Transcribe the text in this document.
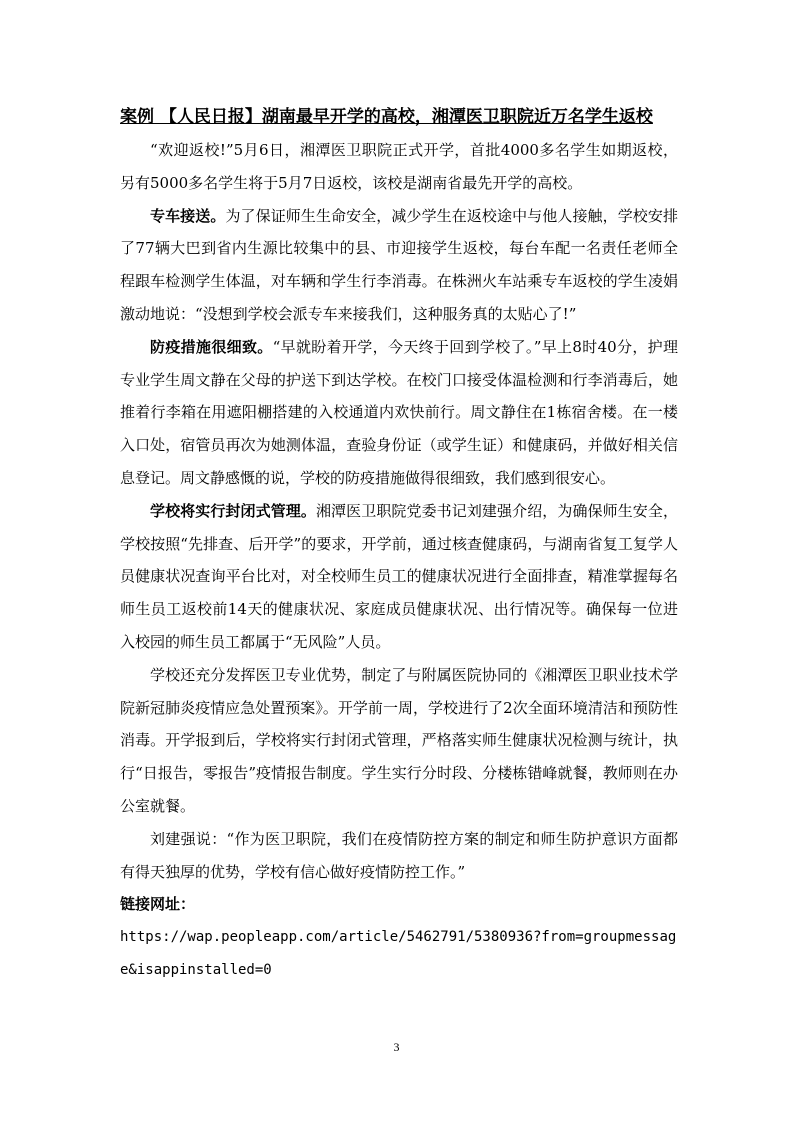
案例 【人民日报】湖南最早开学的高校，湘潭医卫职院近万名学生返校

“欢迎返校!”5月6日，湘潭医卫职院正式开学，首批4000多名学生如期返校，另有5000多名学生将于5月7日返校，该校是湖南省最先开学的高校。

专车接送。为了保证师生生命安全，减少学生在返校途中与他人接触，学校安排了77辆大巴到省内生源比较集中的县、市迎接学生返校，每台车配一名责任老师全程跟车检测学生体温，对车辆和学生行李消毒。在株洲火车站乘专车返校的学生凌娟激动地说：“没想到学校会派专车来接我们，这种服务真的太贴心了!”

防疫措施很细致。“早就盼着开学，今天终于回到学校了。”早上8时40分，护理专业学生周文静在父母的护送下到达学校。在校门口接受体温检测和行李消毒后，她推着行李箱在用遮阳棚搭建的入校通道内欢快前行。周文静住在1栋宿舍楼。在一楼入口处，宿管员再次为她测体温，查验身份证（或学生证）和健康码，并做好相关信息登记。周文静感慨的说，学校的防疫措施做得很细致，我们感到很安心。

学校将实行封闭式管理。湘潭医卫职院党委书记刘建强介绍，为确保师生安全，学校按照“先排查、后开学”的要求，开学前，通过核查健康码，与湖南省复工复学人员健康状况查询平台比对，对全校师生员工的健康状况进行全面排查，精准掌握每名师生员工返校前14天的健康状况、家庭成员健康状况、出行情况等。确保每一位进入校园的师生员工都属于“无风险”人员。

学校还充分发挥医卫专业优势，制定了与附属医院协同的《湘潭医卫职业技术学院新冠肺炎疫情应急处置预案》。开学前一周，学校进行了2次全面环境清洁和预防性消毒。开学报到后，学校将实行封闭式管理，严格落实师生健康状况检测与统计，执行“日报告，零报告”疫情报告制度。学生实行分时段、分楼栋错峰就餐，教师则在办公室就餐。

刘建强说：“作为医卫职院，我们在疫情防控方案的制定和师生防护意识方面都有得天独厚的优势，学校有信心做好疫情防控工作。”

链接网址：

https://wap.peopleapp.com/article/5462791/5380936?from=groupmessage&isappinstalled=0

3
